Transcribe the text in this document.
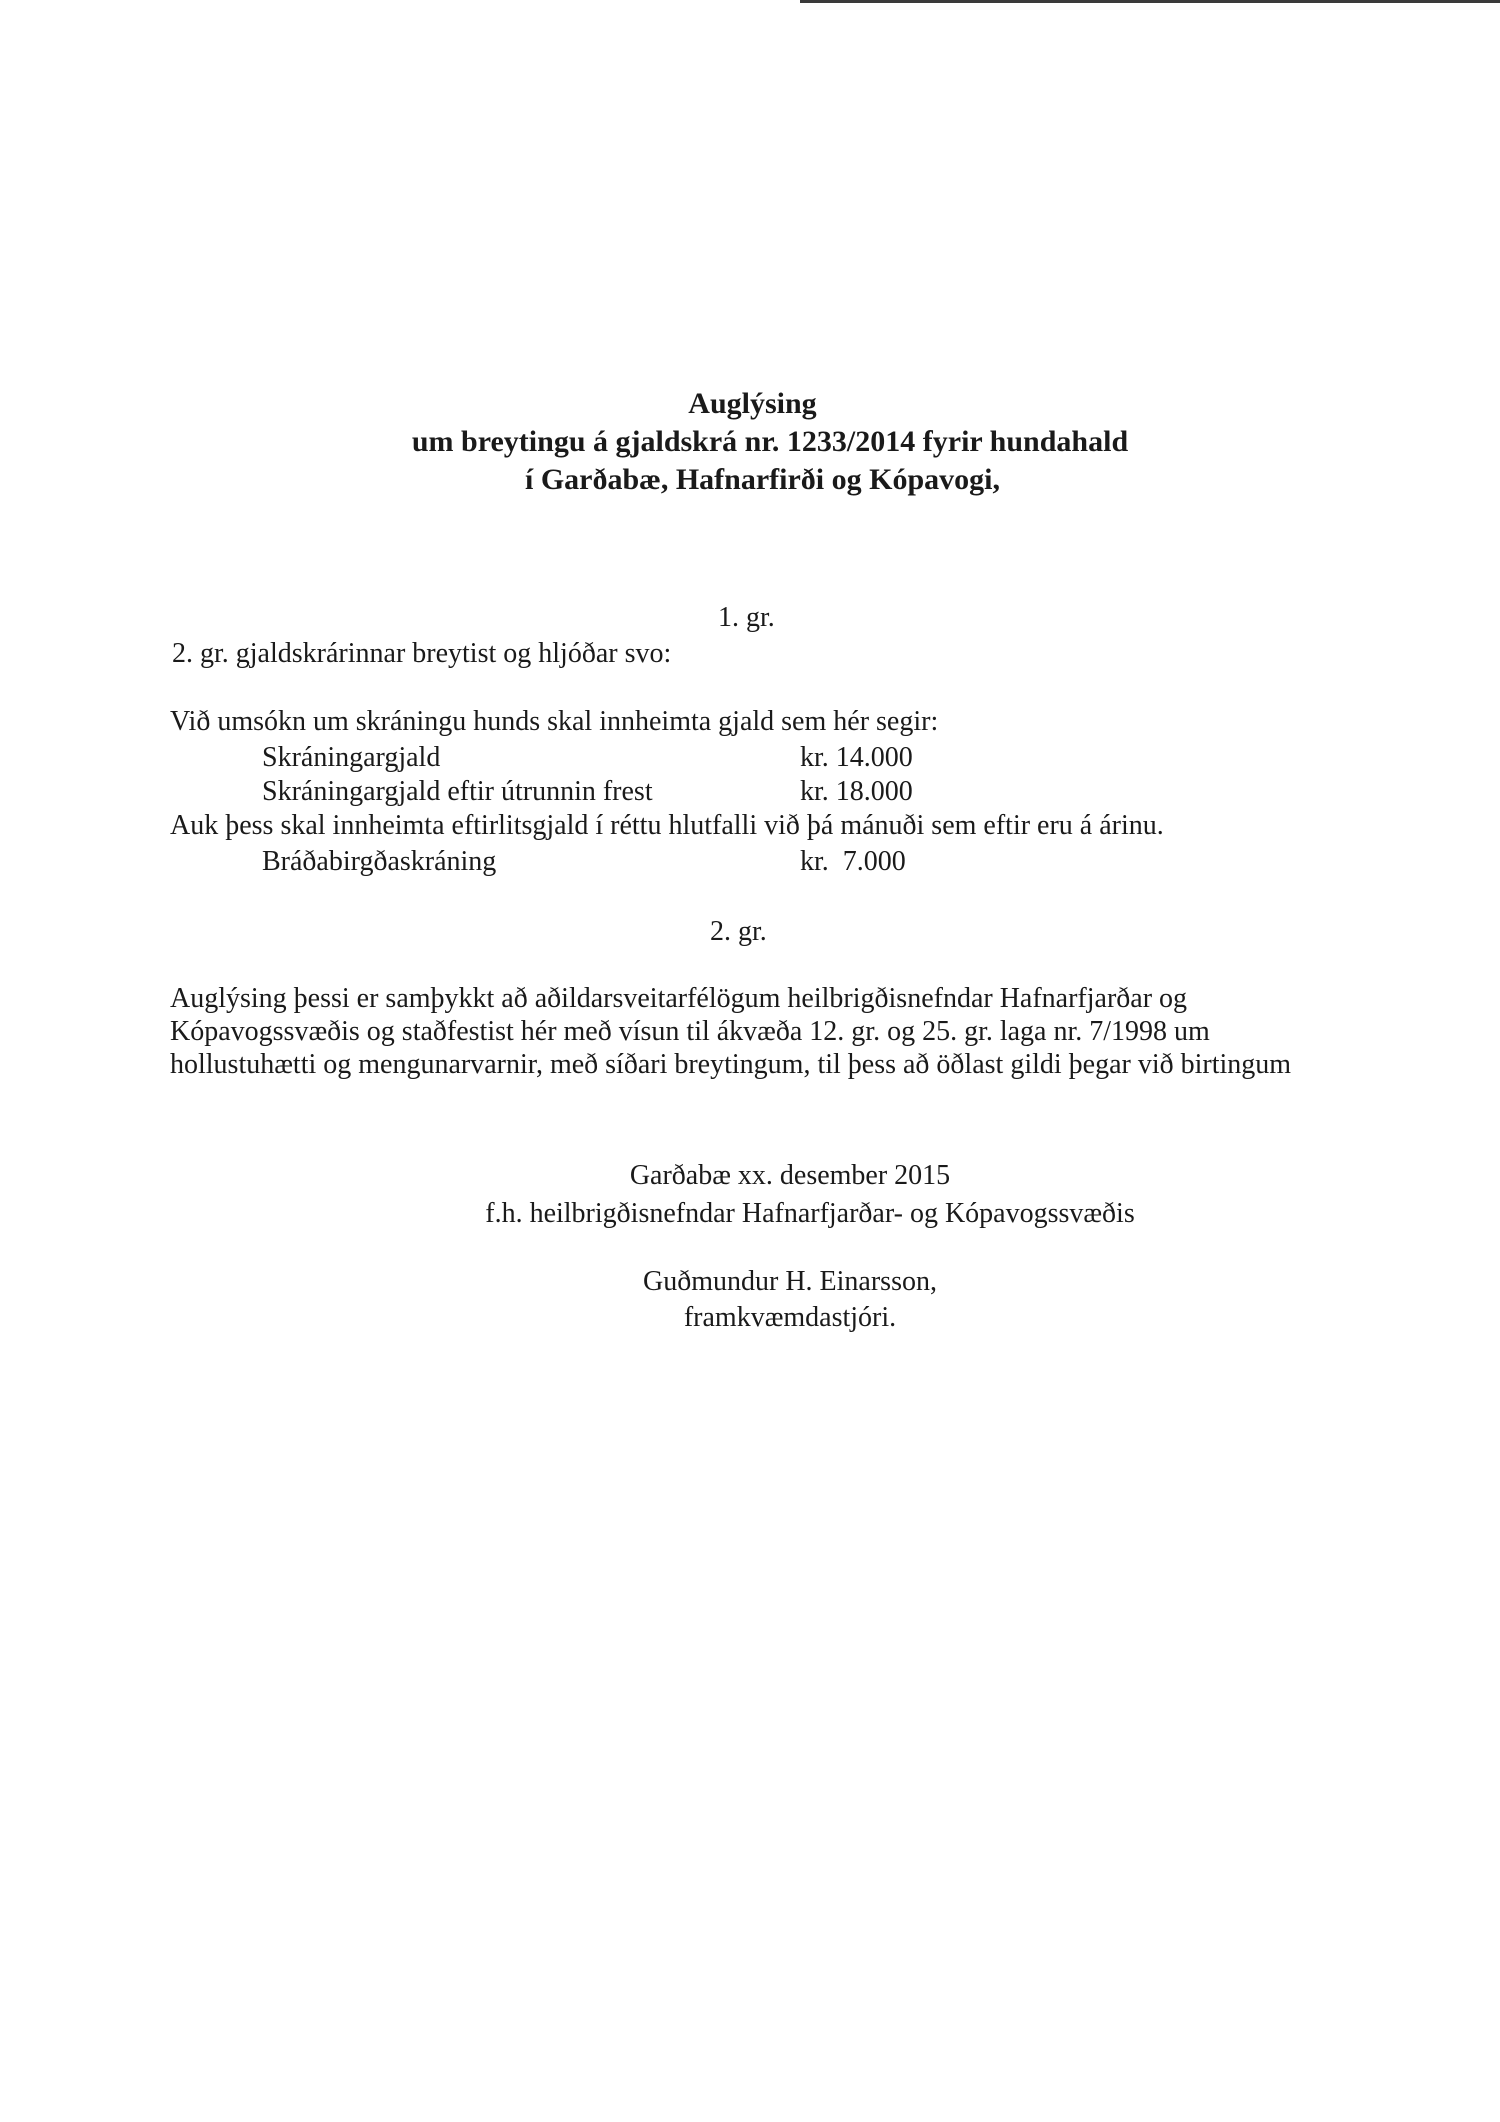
Auglýsing
um breytingu á gjaldskrá nr. 1233/2014 fyrir hundahald
í Garðabæ, Hafnarfirði og Kópavogi,
1. gr.
2. gr. gjaldskrárinnar breytist og hljóðar svo:
Við umsókn um skráningu hunds skal innheimta gjald sem hér segir:
Skráningargjald	kr. 14.000
Skráningargjald eftir útrunnin frest	kr. 18.000
Auk þess skal innheimta eftirlitsgjald í réttu hlutfalli við þá mánuði sem eftir eru á árinu.
Bráðabirgðaskráning	kr.  7.000
2. gr.
Auglýsing þessi er samþykkt að aðildarsveitarfélögum heilbrigðisnefndar Hafnarfjarðar og Kópavogssvæðis og staðfestist hér með vísun til ákvæða 12. gr. og 25. gr. laga nr. 7/1998 um hollustuhætti og mengunarvarnir, með síðari breytingum, til þess að öðlast gildi þegar við birtingum
Garðabæ xx. desember 2015
f.h. heilbrigðisnefndar Hafnarfjarðar- og Kópavogssvæðis
Guðmundur H. Einarsson,
framkvæmdastjóri.
